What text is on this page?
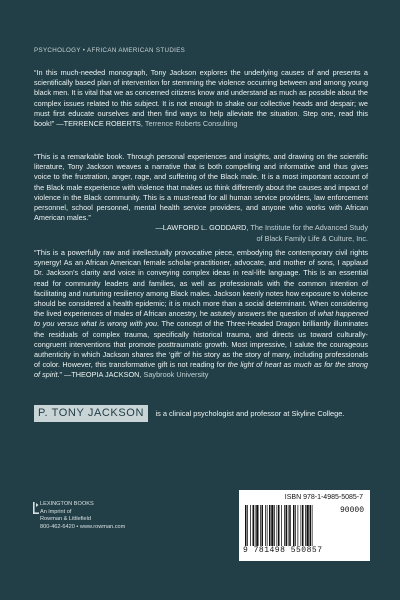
PSYCHOLOGY • AFRICAN AMERICAN STUDIES
“In this much-needed monograph, Tony Jackson explores the underlying causes of and presents a scientifically based plan of intervention for stemming the violence occurring between and among young black men. It is vital that we as concerned citizens know and understand as much as possible about the complex issues related to this subject. It is not enough to shake our collective heads and despair; we must first educate ourselves and then find ways to help alleviate the situation. Step one, read this book!” —TERRENCE ROBERTS, Terrence Roberts Consulting
“This is a remarkable book. Through personal experiences and insights, and drawing on the scientific literature, Tony Jackson weaves a narrative that is both compelling and informative and thus gives voice to the frustration, anger, rage, and suffering of the Black male. It is a most important account of the Black male experience with violence that makes us think differently about the causes and impact of violence in the Black community. This is a must-read for all human service providers, law enforcement personnel, school personnel, mental health service providers, and anyone who works with African American males.”
—LAWFORD L. GODDARD, The Institute for the Advanced Study of Black Family Life & Culture, Inc.
“This is a powerfully raw and intellectually provocative piece, embodying the contemporary civil rights synergy! As an African American female scholar-practitioner, advocate, and mother of sons, I applaud Dr. Jackson’s clarity and voice in conveying complex ideas in real-life language. This is an essential read for community leaders and families, as well as professionals with the common intention of facilitating and nurturing resiliency among Black males. Jackson keenly notes how exposure to violence should be considered a health epidemic; it is much more than a social determinant. When considering the lived experiences of males of African ancestry, he astutely answers the question of what happened to you versus what is wrong with you. The concept of the Three-Headed Dragon brilliantly illuminates the residuals of complex trauma, specifically historical trauma, and directs us toward culturally-congruent interventions that promote posttraumatic growth. Most impressive, I salute the courageous authenticity in which Jackson shares the ‘gift’ of his story as the story of many, including professionals of color. However, this transformative gift is not reading for the light of heart as much as for the strong of spirit.” —THEOPIA JACKSON, Saybrook University
P. TONY JACKSON is a clinical psychologist and professor at Skyline College.
LEXINGTON BOOKS
An imprint of
Rowman & Littlefield
800-462-6420 • www.rowman.com
ISBN 978-1-4985-5085-7
90000
9 781498 550857
